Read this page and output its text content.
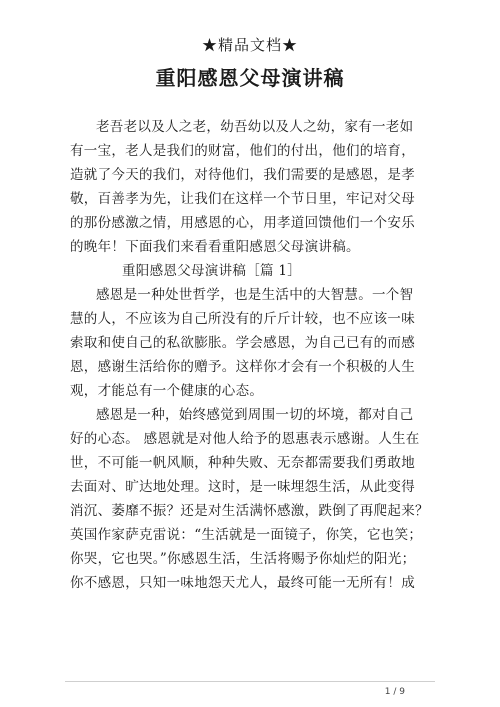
★精品文档★
重阳感恩父母演讲稿
老吾老以及人之老，幼吾幼以及人之幼，家有一老如
有一宝，老人是我们的财富，他们的付出，他们的培育，
造就了今天的我们，对待他们，我们需要的是感恩，是孝
敬，百善孝为先，让我们在这样一个节日里，牢记对父母
的那份感激之情，用感恩的心，用孝道回馈他们一个安乐
的晚年！下面我们来看看重阳感恩父母演讲稿。
重阳感恩父母演讲稿［篇 1］
感恩是一种处世哲学，也是生活中的大智慧。一个智
慧的人，不应该为自己所没有的斤斤计较，也不应该一味
索取和使自己的私欲膨胀。学会感恩，为自己已有的而感
恩，感谢生活给你的赠予。这样你才会有一个积极的人生
观，才能总有一个健康的心态。
感恩是一种，始终感觉到周围一切的坏境，都对自己
好的心态。 感恩就是对他人给予的恩惠表示感谢。人生在
世，不可能一帆风顺，种种失败、无奈都需要我们勇敢地
去面对、旷达地处理。这时，是一味埋怨生活，从此变得
消沉、萎靡不振？还是对生活满怀感激，跌倒了再爬起来？
英国作家萨克雷说：“生活就是一面镜子，你笑，它也笑；
你哭，它也哭。”你感恩生活，生活将赐予你灿烂的阳光；
你不感恩，只知一味地怨天尤人，最终可能一无所有！成
1 / 9
